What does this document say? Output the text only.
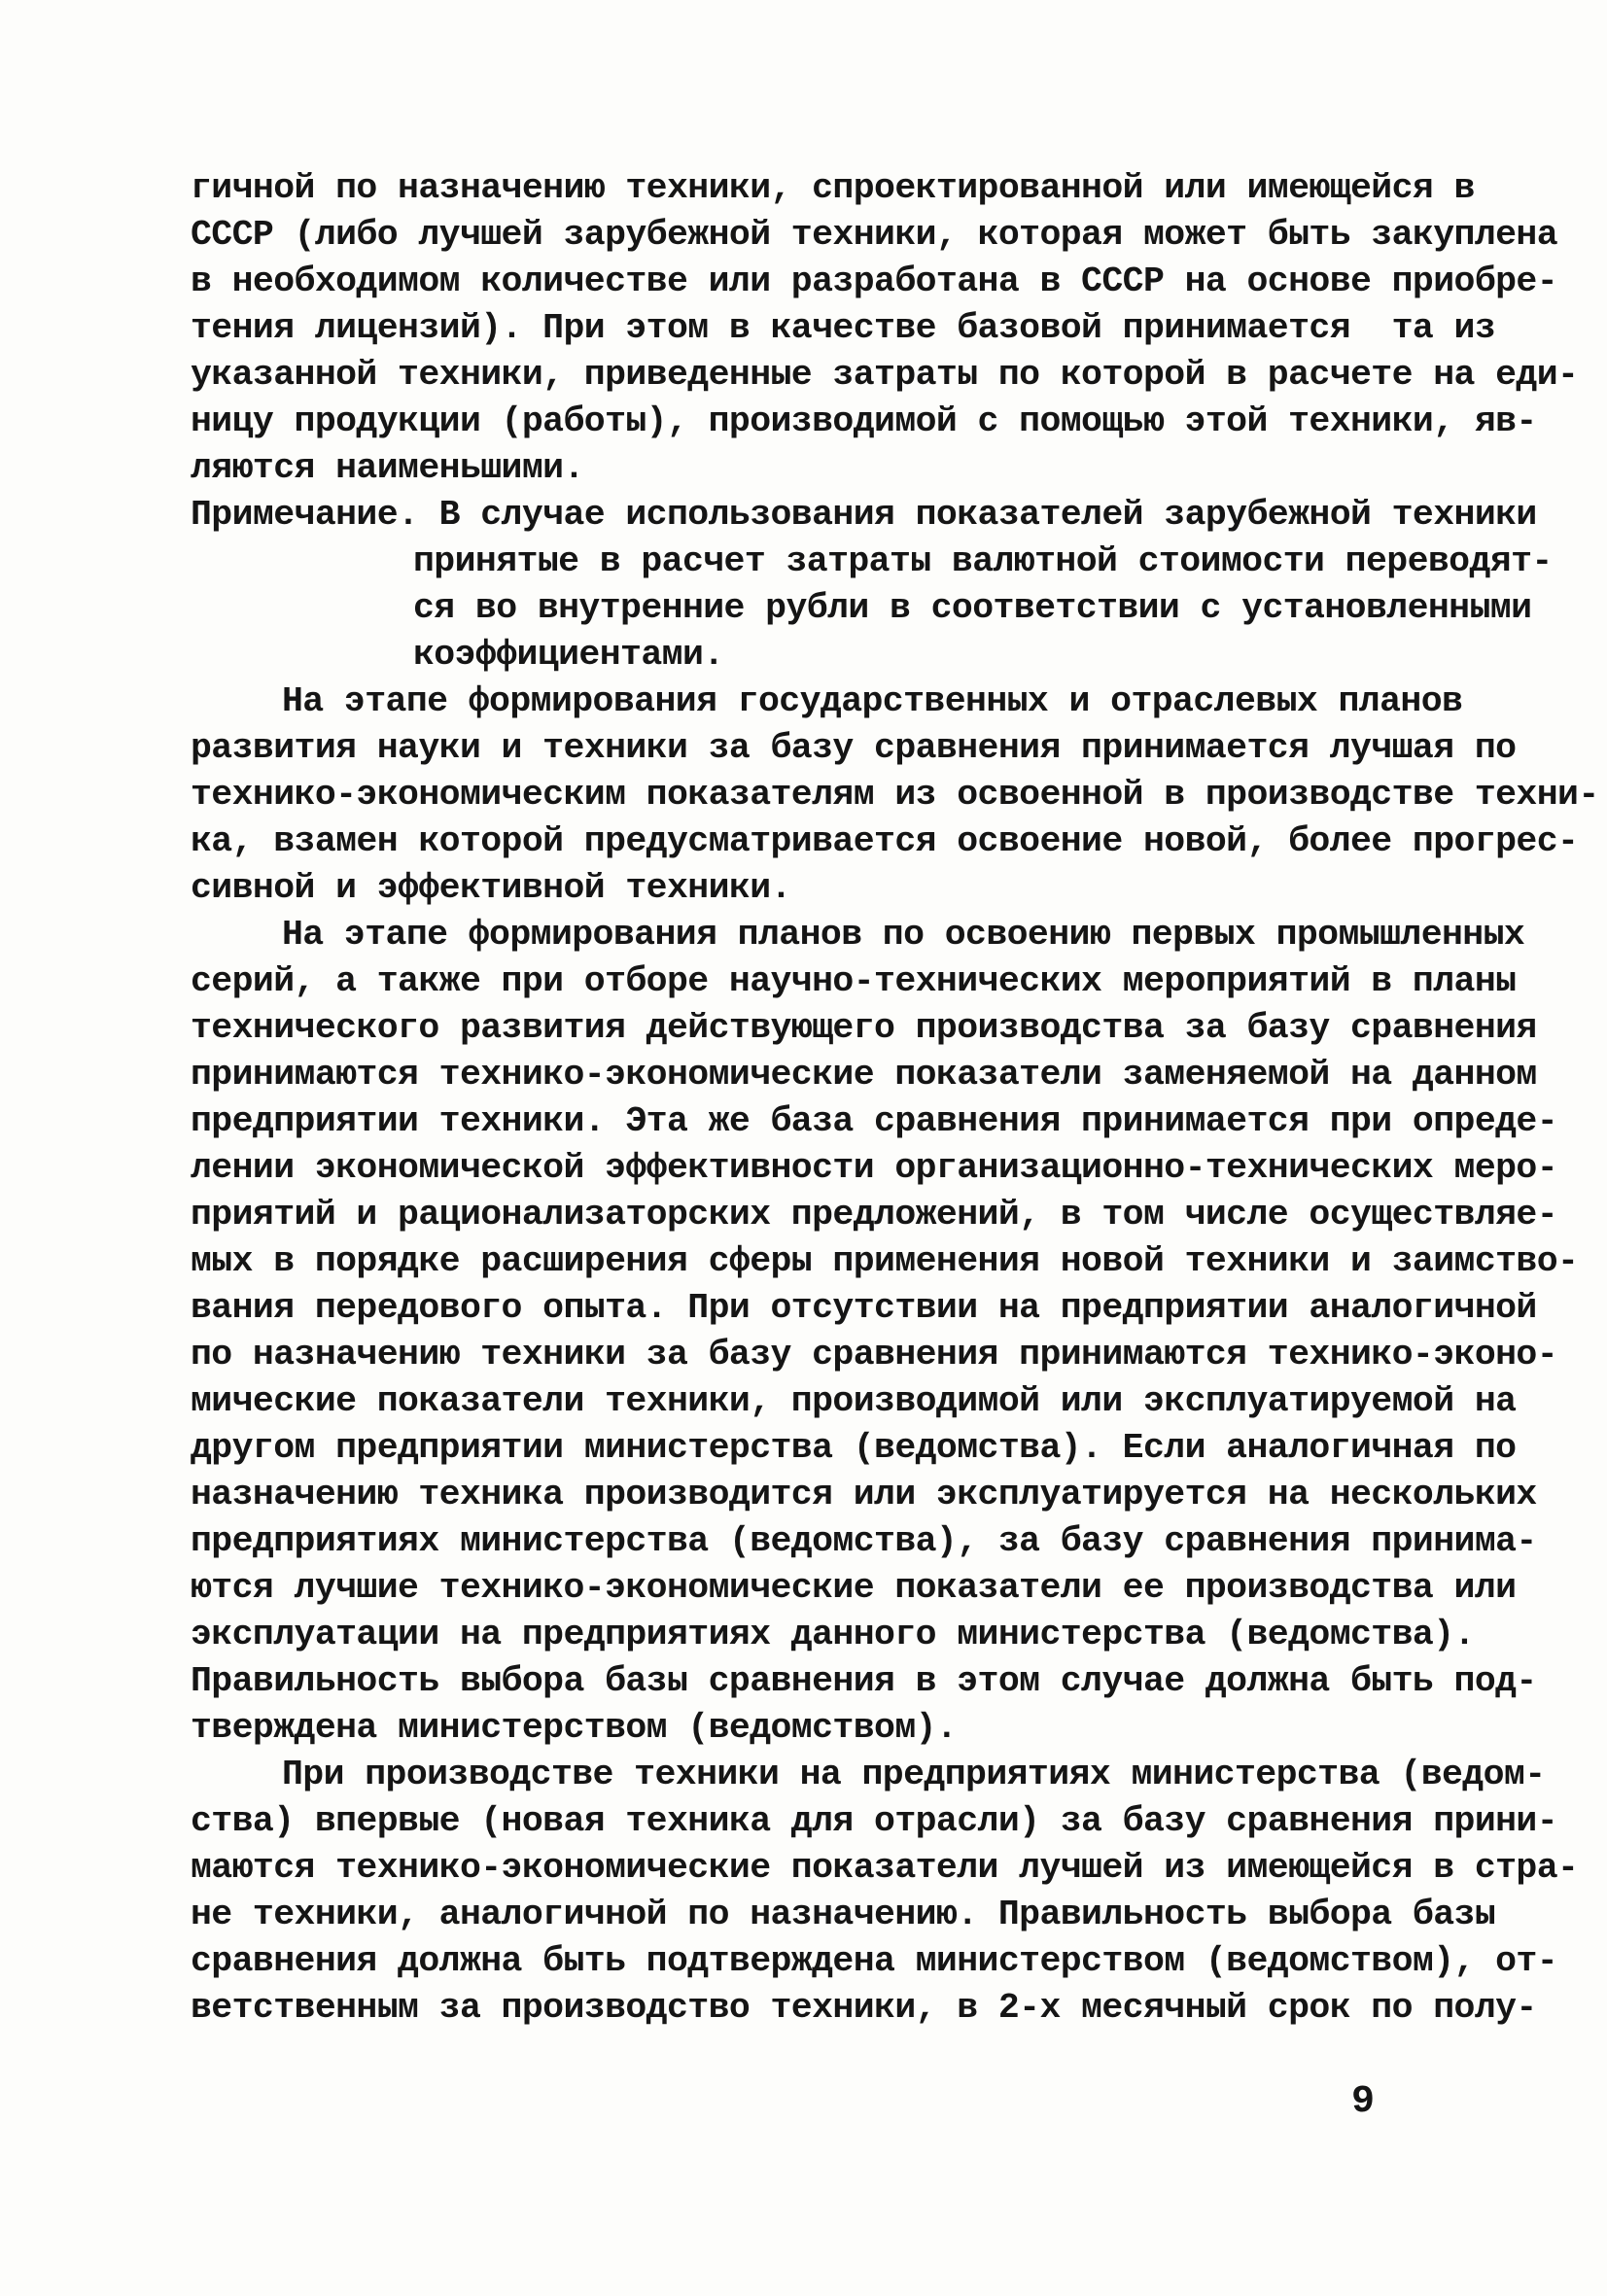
гичной по назначению техники, спроектированной или имеющейся в
СССР (либо лучшей зарубежной техники, которая может быть закуплена
в необходимом количестве или разработана в СССР на основе приобре-
тения лицензий). При этом в качестве базовой принимается  та из
указанной техники, приведенные затраты по которой в расчете на еди-
ницу продукции (работы), производимой с помощью этой техники, яв-
ляются наименьшими.
Примечание. В случае использования показателей зарубежной техники
принятые в расчет затраты валютной стоимости переводят-
ся во внутренние рубли в соответствии с установленными
коэффициентами.
На этапе формирования государственных и отраслевых планов
развития науки и техники за базу сравнения принимается лучшая по
технико-экономическим показателям из освоенной в производстве техни-
ка, взамен которой предусматривается освоение новой, более прогрес-
сивной и эффективной техники.
На этапе формирования планов по освоению первых промышленных
серий, а также при отборе научно-технических мероприятий в планы
технического развития действующего производства за базу сравнения
принимаются технико-экономические показатели заменяемой на данном
предприятии техники. Эта же база сравнения принимается при опреде-
лении экономической эффективности организационно-технических меро-
приятий и рационализаторских предложений, в том числе осуществляе-
мых в порядке расширения сферы применения новой техники и заимство-
вания передового опыта. При отсутствии на предприятии аналогичной
по назначению техники за базу сравнения принимаются технико-эконо-
мические показатели техники, производимой или эксплуатируемой на
другом предприятии министерства (ведомства). Если аналогичная по
назначению техника производится или эксплуатируется на нескольких
предприятиях министерства (ведомства), за базу сравнения принима-
ются лучшие технико-экономические показатели ее производства или
эксплуатации на предприятиях данного министерства (ведомства).
Правильность выбора базы сравнения в этом случае должна быть под-
тверждена министерством (ведомством).
При производстве техники на предприятиях министерства (ведом-
ства) впервые (новая техника для отрасли) за базу сравнения прини-
маются технико-экономические показатели лучшей из имеющейся в стра-
не техники, аналогичной по назначению. Правильность выбора базы
сравнения должна быть подтверждена министерством (ведомством), от-
ветственным за производство техники, в 2-х месячный срок по полу-
9
